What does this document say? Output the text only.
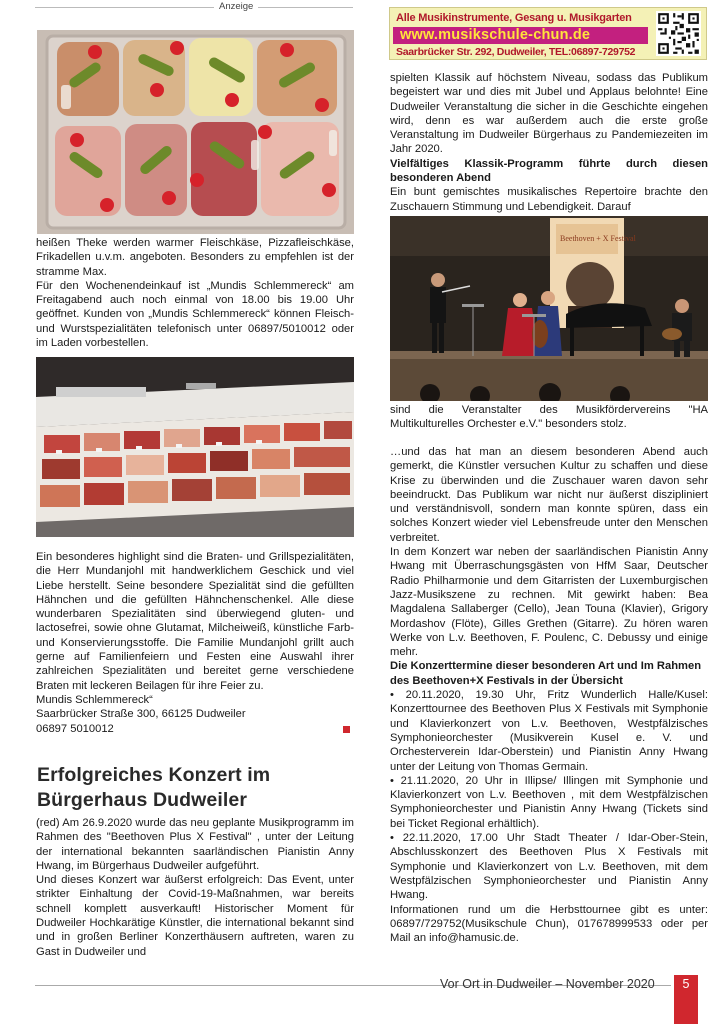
Anzeige
Alle Musikinstrumente, Gesang u. Musikgarten
www.musikschule-chun.de
Saarbrücker Str. 292, Dudweiler, TEL:06897-729752

heißen Theke werden warmer Fleischkäse, Pizzafleischkäse, Frikadellen u.v.m. angeboten. Besonders zu empfehlen ist der stramme Max.

Für den Wochenendeinkauf ist „Mundis Schlemmereck“ am Freitagabend auch noch einmal von 18.00 bis 19.00 Uhr geöffnet. Kunden von „Mundis Schlemmereck“ können Fleisch- und Wurstspezialitäten telefonisch unter 06897/5010012 oder im Laden vorbestellen.

Ein besonderes highlight sind die Braten- und Grillspezialitäten, die Herr Mundanjohl mit handwerklichem Geschick und viel Liebe herstellt. Seine besondere Spezialität sind die gefüllten Hähnchen und die gefüllten Hähnchenschenkel. Alle diese wunderbaren Spezialitäten sind überwiegend gluten- und lactosefrei, sowie ohne Glutamat, Milcheiweiß, künstliche Farb- und Konservierungsstoffe. Die Familie Mundanjohl grillt auch gerne auf Familienfeiern und Festen eine Auswahl ihrer zahlreichen Spezialitäten und bereitet gerne verschiedene Braten mit leckeren Beilagen für ihre Feier zu.

Mundis Schlemmereck“

Saarbrücker Straße 300, 66125 Dudweiler

06897 5010012

Erfolgreiches Konzert im Bürgerhaus Dudweiler

(red) Am 26.9.2020 wurde das neu geplante Musikprogramm im Rahmen des "Beethoven Plus X Festival" , unter der Leitung der international bekannten saarländischen Pianistin Anny Hwang, im Bürgerhaus Dudweiler aufgeführt.

Und dieses Konzert war äußerst erfolgreich: Das Event, unter strikter Einhaltung der Covid-19-Maßnahmen, war bereits schnell komplett ausverkauft! Historischer Moment für Dudweiler Hochkarätige Künstler, die international bekannt sind und in großen Berliner Konzerthäusern auftreten, waren zu Gast in Dudweiler und

spielten Klassik auf höchstem Niveau, sodass das Publikum begeistert war und dies mit Jubel und Applaus belohnte! Eine Dudweiler Veranstaltung die sicher in die Geschichte eingehen wird, denn es war außerdem auch die erste große Veranstaltung im Dudweiler Bürgerhaus zu Pandemiezeiten im Jahr 2020.

Vielfältiges Klassik-Programm führte durch diesen besonderen Abend

Ein bunt gemischtes musikalisches Repertoire brachte den Zuschauern Stimmung und Lebendigkeit. Darauf

Beethoven + X Festival

sind die Veranstalter des Musikfördervereins "HA Multikulturelles Orchester e.V." besonders stolz.

…und das hat man an diesem besonderen Abend auch gemerkt, die Künstler versuchen Kultur zu schaffen und diese Krise zu überwinden und die Zuschauer waren davon sehr beeindruckt. Das Publikum war nicht nur äußerst diszipliniert und verständnisvoll, sondern man konnte spüren, dass ein solches Konzert wieder viel Lebensfreude unter den Menschen verbreitet.

In dem Konzert war neben der saarländischen Pianistin Anny Hwang mit Überraschungsgästen von HfM Saar, Deutscher Radio Philharmonie und dem Gitarristen der Luxemburgischen Jazz-Musikszene zu rechnen. Mit gewirkt haben: Bea Magdalena Sallaberger (Cello), Jean Touna (Klavier), Grigory Mordashov (Flöte), Gilles Grethen (Gitarre). Zu hören waren Werke von L.v. Beethoven, F. Poulenc, C. Debussy und einige mehr.

Die Konzerttermine dieser besonderen Art und Im Rahmen des Beethoven+X Festivals in der Übersicht

• 20.11.2020, 19.30 Uhr, Fritz Wunderlich Halle/Kusel: Konzerttournee des Beethoven Plus X Festivals mit Symphonie und Klavierkonzert von L.v. Beethoven, Westpfälzisches Symphonieorchester (Musikverein Kusel e. V. und Orchesterverein Idar-Oberstein) und Pianistin Anny Hwang unter der Leitung von Thomas Germain.

• 21.11.2020, 20 Uhr in Illipse/ Illingen mit Symphonie und Klavierkonzert von L.v. Beethoven , mit dem Westpfälzischen Symphonieorchester und Pianistin Anny Hwang (Tickets sind bei Ticket Regional erhältlich).

• 22.11.2020, 17.00 Uhr Stadt Theater / Idar-Ober-Stein, Abschlusskonzert des Beethoven Plus X Festivals mit Symphonie und Klavierkonzert von L.v. Beethoven, mit dem Westpfälzischen Symphonieorchester und Pianistin Anny Hwang.

Informationen rund um die Herbsttournee gibt es unter: 06897/729752(Musikschule Chun), 017678999533 oder per Mail an info@hamusic.de.

Vor Ort in Dudweiler – November 2020	5
